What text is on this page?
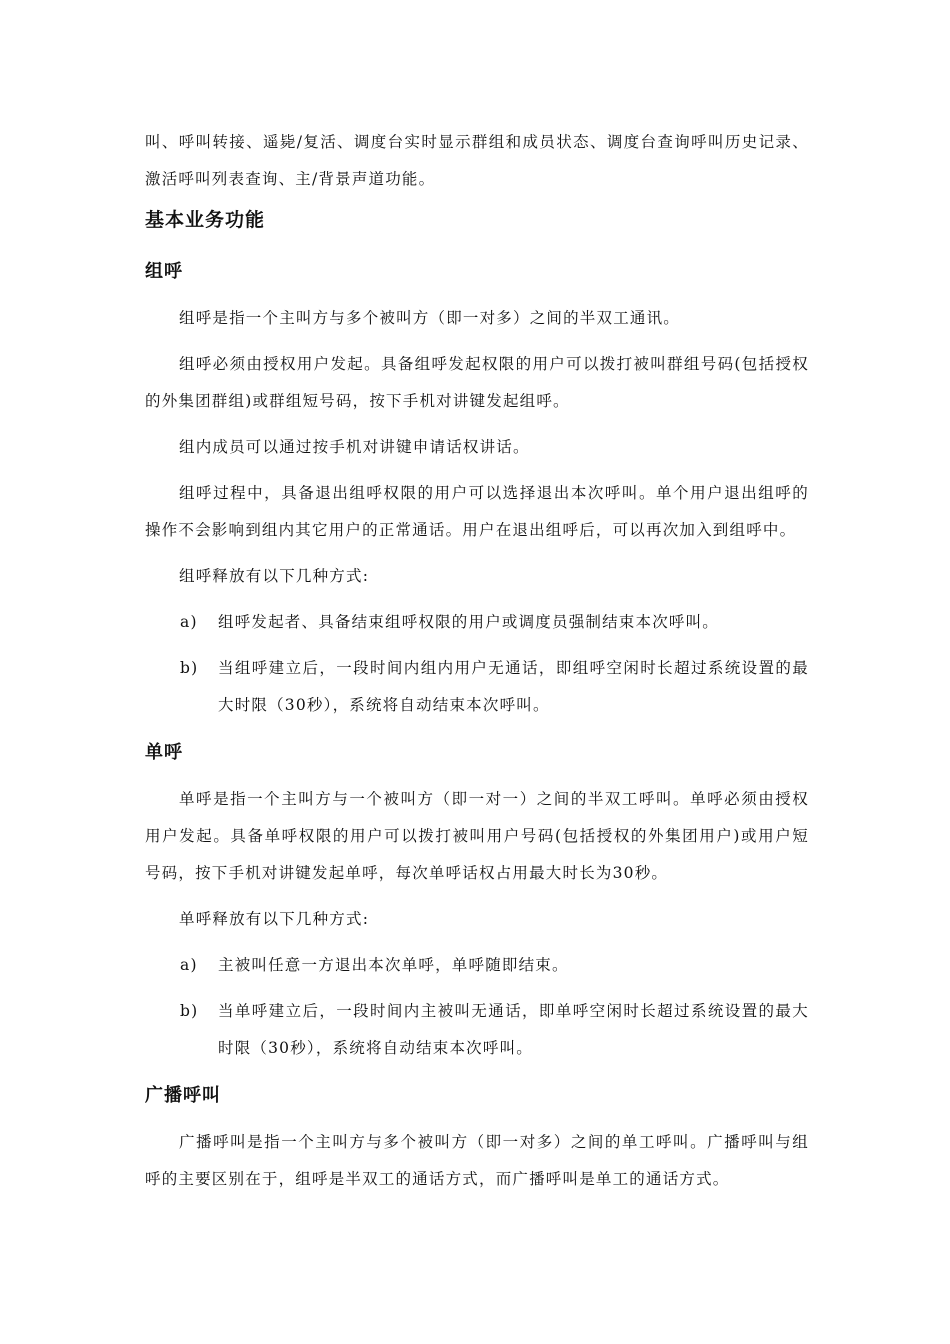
叫、呼叫转接、遥毙/复活、调度台实时显示群组和成员状态、调度台查询呼叫历史记录、激活呼叫列表查询、主/背景声道功能。

基本业务功能
组呼

组呼是指一个主叫方与多个被叫方（即一对多）之间的半双工通讯。

组呼必须由授权用户发起。具备组呼发起权限的用户可以拨打被叫群组号码(包括授权的外集团群组)或群组短号码，按下手机对讲键发起组呼。

组内成员可以通过按手机对讲键申请话权讲话。

组呼过程中，具备退出组呼权限的用户可以选择退出本次呼叫。单个用户退出组呼的操作不会影响到组内其它用户的正常通话。用户在退出组呼后，可以再次加入到组呼中。

组呼释放有以下几种方式:

a)	组呼发起者、具备结束组呼权限的用户或调度员强制结束本次呼叫。
b)	当组呼建立后，一段时间内组内用户无通话，即组呼空闲时长超过系统设置的最大时限（30秒），系统将自动结束本次呼叫。
单呼

单呼是指一个主叫方与一个被叫方（即一对一）之间的半双工呼叫。单呼必须由授权用户发起。具备单呼权限的用户可以拨打被叫用户号码(包括授权的外集团用户)或用户短号码，按下手机对讲键发起单呼，每次单呼话权占用最大时长为30秒。

单呼释放有以下几种方式:

a)	主被叫任意一方退出本次单呼，单呼随即结束。
b)	当单呼建立后，一段时间内主被叫无通话，即单呼空闲时长超过系统设置的最大时限（30秒），系统将自动结束本次呼叫。
广播呼叫

广播呼叫是指一个主叫方与多个被叫方（即一对多）之间的单工呼叫。广播呼叫与组呼的主要区别在于，组呼是半双工的通话方式，而广播呼叫是单工的通话方式。
